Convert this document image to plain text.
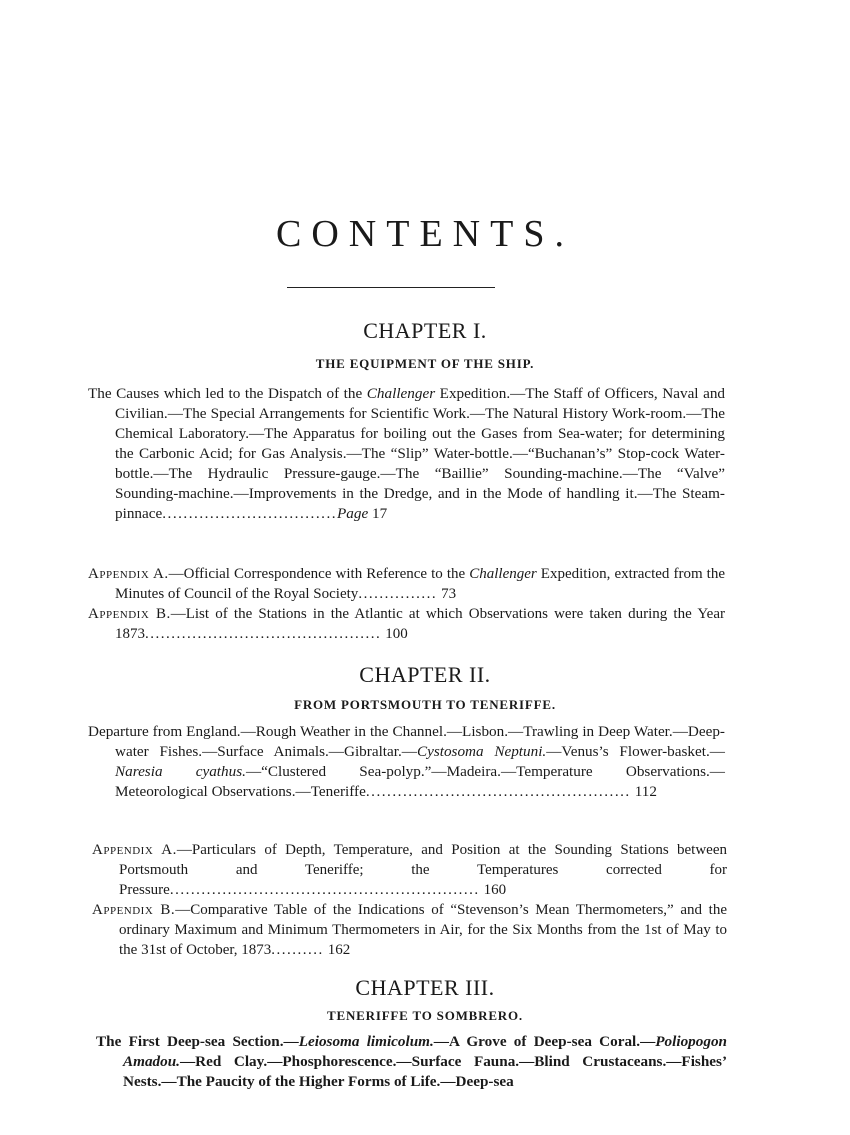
CONTENTS.
CHAPTER I.
THE EQUIPMENT OF THE SHIP.
The Causes which led to the Dispatch of the Challenger Expedition.—The Staff of Officers, Naval and Civilian.—The Special Arrangements for Scientific Work.—The Natural History Work-room.—The Chemical Laboratory.—The Apparatus for boiling out the Gases from Sea-water; for determining the Carbonic Acid; for Gas Analysis.—The “Slip” Water-bottle.—“Buchanan’s” Stop-cock Water-bottle.—The Hydraulic Pressure-gauge.—The “Baillie” Sounding-machine.—The “Valve” Sounding-machine.—Improvements in the Dredge, and in the Mode of handling it.—The Steam-pinnace.................................Page 17
Appendix A.—Official Correspondence with Reference to the Challenger Expedition, extracted from the Minutes of Council of the Royal Society............... 73
Appendix B.—List of the Stations in the Atlantic at which Observations were taken during the Year 1873............................................. 100
CHAPTER II.
FROM PORTSMOUTH TO TENERIFFE.
Departure from England.—Rough Weather in the Channel.—Lisbon.—Trawling in Deep Water.—Deep-water Fishes.—Surface Animals.—Gibraltar.—Cystosoma Neptuni.—Venus’s Flower-basket.—Naresia cyathus.—“Clustered Sea-polyp.”—Madeira.—Temperature Observations.—Meteorological Observations.—Teneriffe.................................................. 112
Appendix A.—Particulars of Depth, Temperature, and Position at the Sounding Stations between Portsmouth and Teneriffe; the Temperatures corrected for Pressure........................................................... 160
Appendix B.—Comparative Table of the Indications of “Stevenson’s Mean Thermometers,” and the ordinary Maximum and Minimum Thermometers in Air, for the Six Months from the 1st of May to the 31st of October, 1873.......... 162
CHAPTER III.
TENERIFFE TO SOMBRERO.
The First Deep-sea Section.—Leiosoma limicolum.—A Grove of Deep-sea Coral.—Poliopogon Amadou.—Red Clay.—Phosphorescence.—Surface Fauna.—Blind Crustaceans.—Fishes’ Nests.—The Paucity of the Higher Forms of Life.—Deep-sea
